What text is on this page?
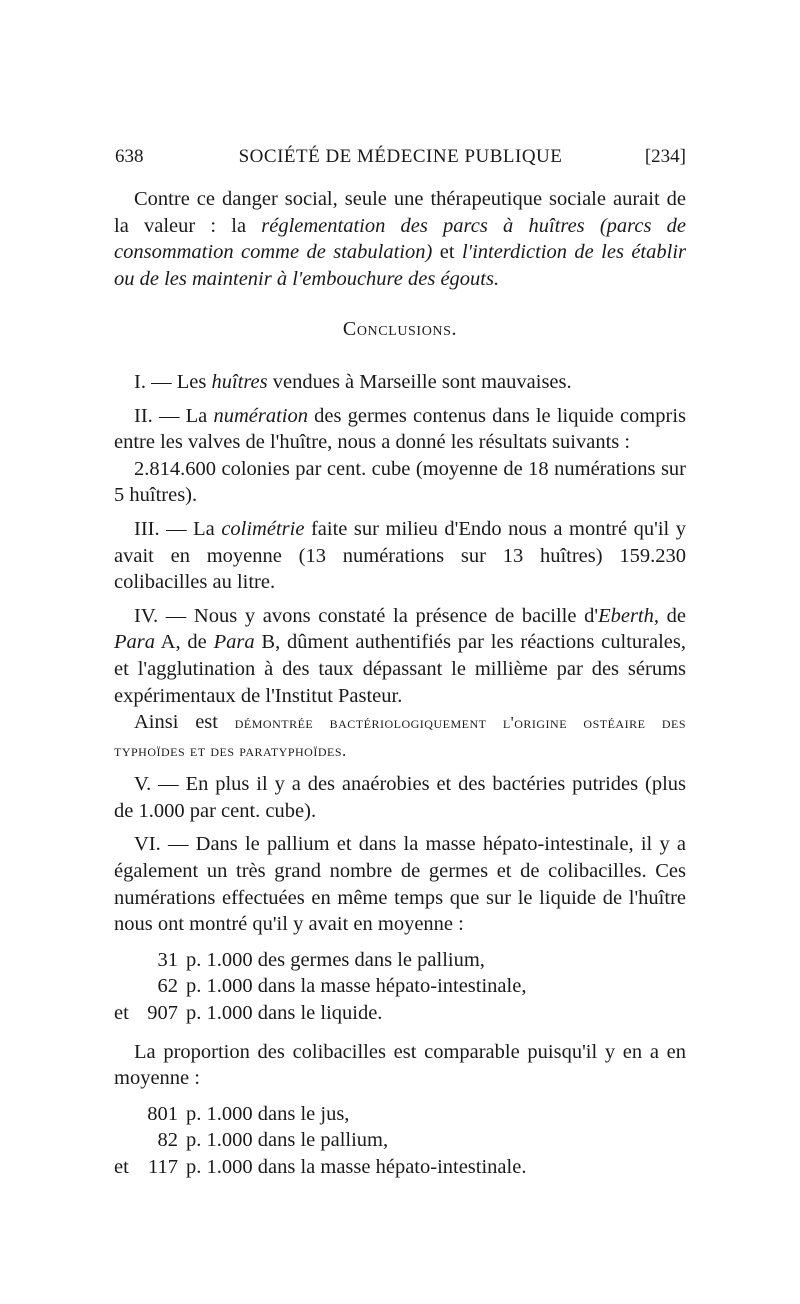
638	SOCIÉTÉ DE MÉDECINE PUBLIQUE	[234]

Contre ce danger social, seule une thérapeutique sociale aurait de la valeur : la réglementation des parcs à huîtres (parcs de consommation comme de stabulation) et l'interdiction de les établir ou de les maintenir à l'embouchure des égouts.

Conclusions.

I. — Les huîtres vendues à Marseille sont mauvaises.

II. — La numération des germes contenus dans le liquide compris entre les valves de l'huître, nous a donné les résultats suivants :

2.814.600 colonies par cent. cube (moyenne de 18 numérations sur 5 huîtres).

III. — La colimétrie faite sur milieu d'Endo nous a montré qu'il y avait en moyenne (13 numérations sur 13 huîtres) 159.230 colibacilles au litre.

IV. — Nous y avons constaté la présence de bacille d'Eberth, de Para A, de Para B, dûment authentifiés par les réactions culturales, et l'agglutination à des taux dépassant le millième par des sérums expérimentaux de l'Institut Pasteur.

Ainsi est démontrée bactériologiquement l'origine ostéaire des typhoïdes et des paratyphoïdes.

V. — En plus il y a des anaérobies et des bactéries putrides (plus de 1.000 par cent. cube).

VI. — Dans le pallium et dans la masse hépato-intestinale, il y a également un très grand nombre de germes et de colibacilles. Ces numérations effectuées en même temps que sur le liquide de l'huître nous ont montré qu'il y avait en moyenne :

31 p. 1.000 des germes dans le pallium,
62 p. 1.000 dans la masse hépato-intestinale,
et 907 p. 1.000 dans le liquide.

La proportion des colibacilles est comparable puisqu'il y en a en moyenne :

801 p. 1.000 dans le jus,
82 p. 1.000 dans le pallium,
et 117 p. 1.000 dans la masse hépato-intestinale.
